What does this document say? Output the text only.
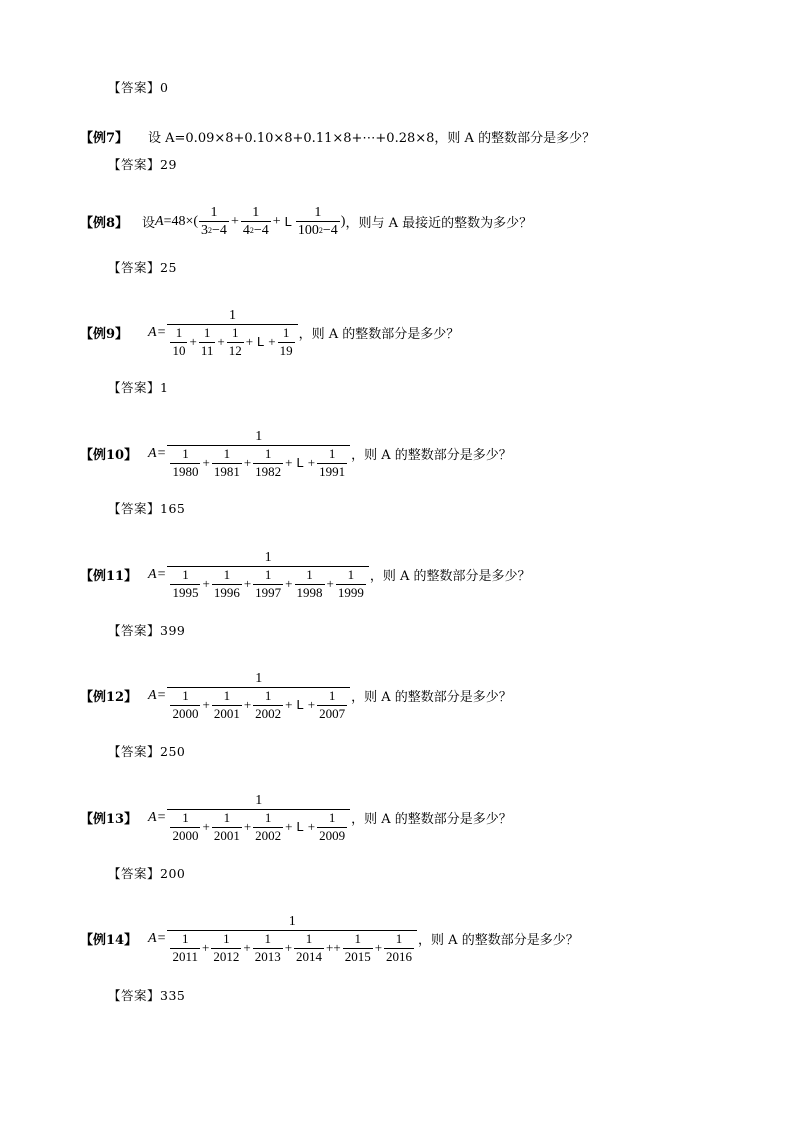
【答案】0
【例7】	设 A=0.09×8+0.10×8+0.11×8+⋯+0.28×8，则 A 的整数部分是多少？
【答案】29
【例8】	设 $A =48\times( \frac{1}{3 2 -4} + \frac{1}{4 2 -4} + L \frac{1}{100 2 -4}$ ) ，则与 A 最接近的整数为多少？
【答案】25
【例9】	$A = \frac{1}{\frac{1}{10} + \frac{1}{11} + \frac{1}{12} + L + \frac{1}{19}}$ ，则 A 的整数部分是多少？
【答案】1
【例10】 A =
1
$\frac{1}{1980} + \frac{1}{1981} + \frac{1}{1982} + L + \frac{1}{1991}$ ，则 A 的整数部分是多少？
【答案】165
【例11】 A =
1
$\frac{1}{1995} + \frac{1}{1996} + \frac{1}{1997} + \frac{1}{1998} + \frac{1}{1999}$ ，则 A 的整数部分是多少？
【答案】399
【例12】 A =
1
$\frac{1}{2000} + \frac{1}{2001} + \frac{1}{2002} + L + \frac{1}{2007}$ ，则 A 的整数部分是多少？
【答案】250
【例13】 A =
1
$\frac{1}{2000} + \frac{1}{2001} + \frac{1}{2002} + L + \frac{1}{2009}$ ，则 A 的整数部分是多少？
【答案】200
【例14】 A =
1
$\frac{1}{2011} + \frac{1}{2012} + \frac{1}{2013} + \frac{1}{2014} ++ \frac{1}{2015} + \frac{1}{2016}$ ，则 A 的整数部分是多少？
【答案】335
